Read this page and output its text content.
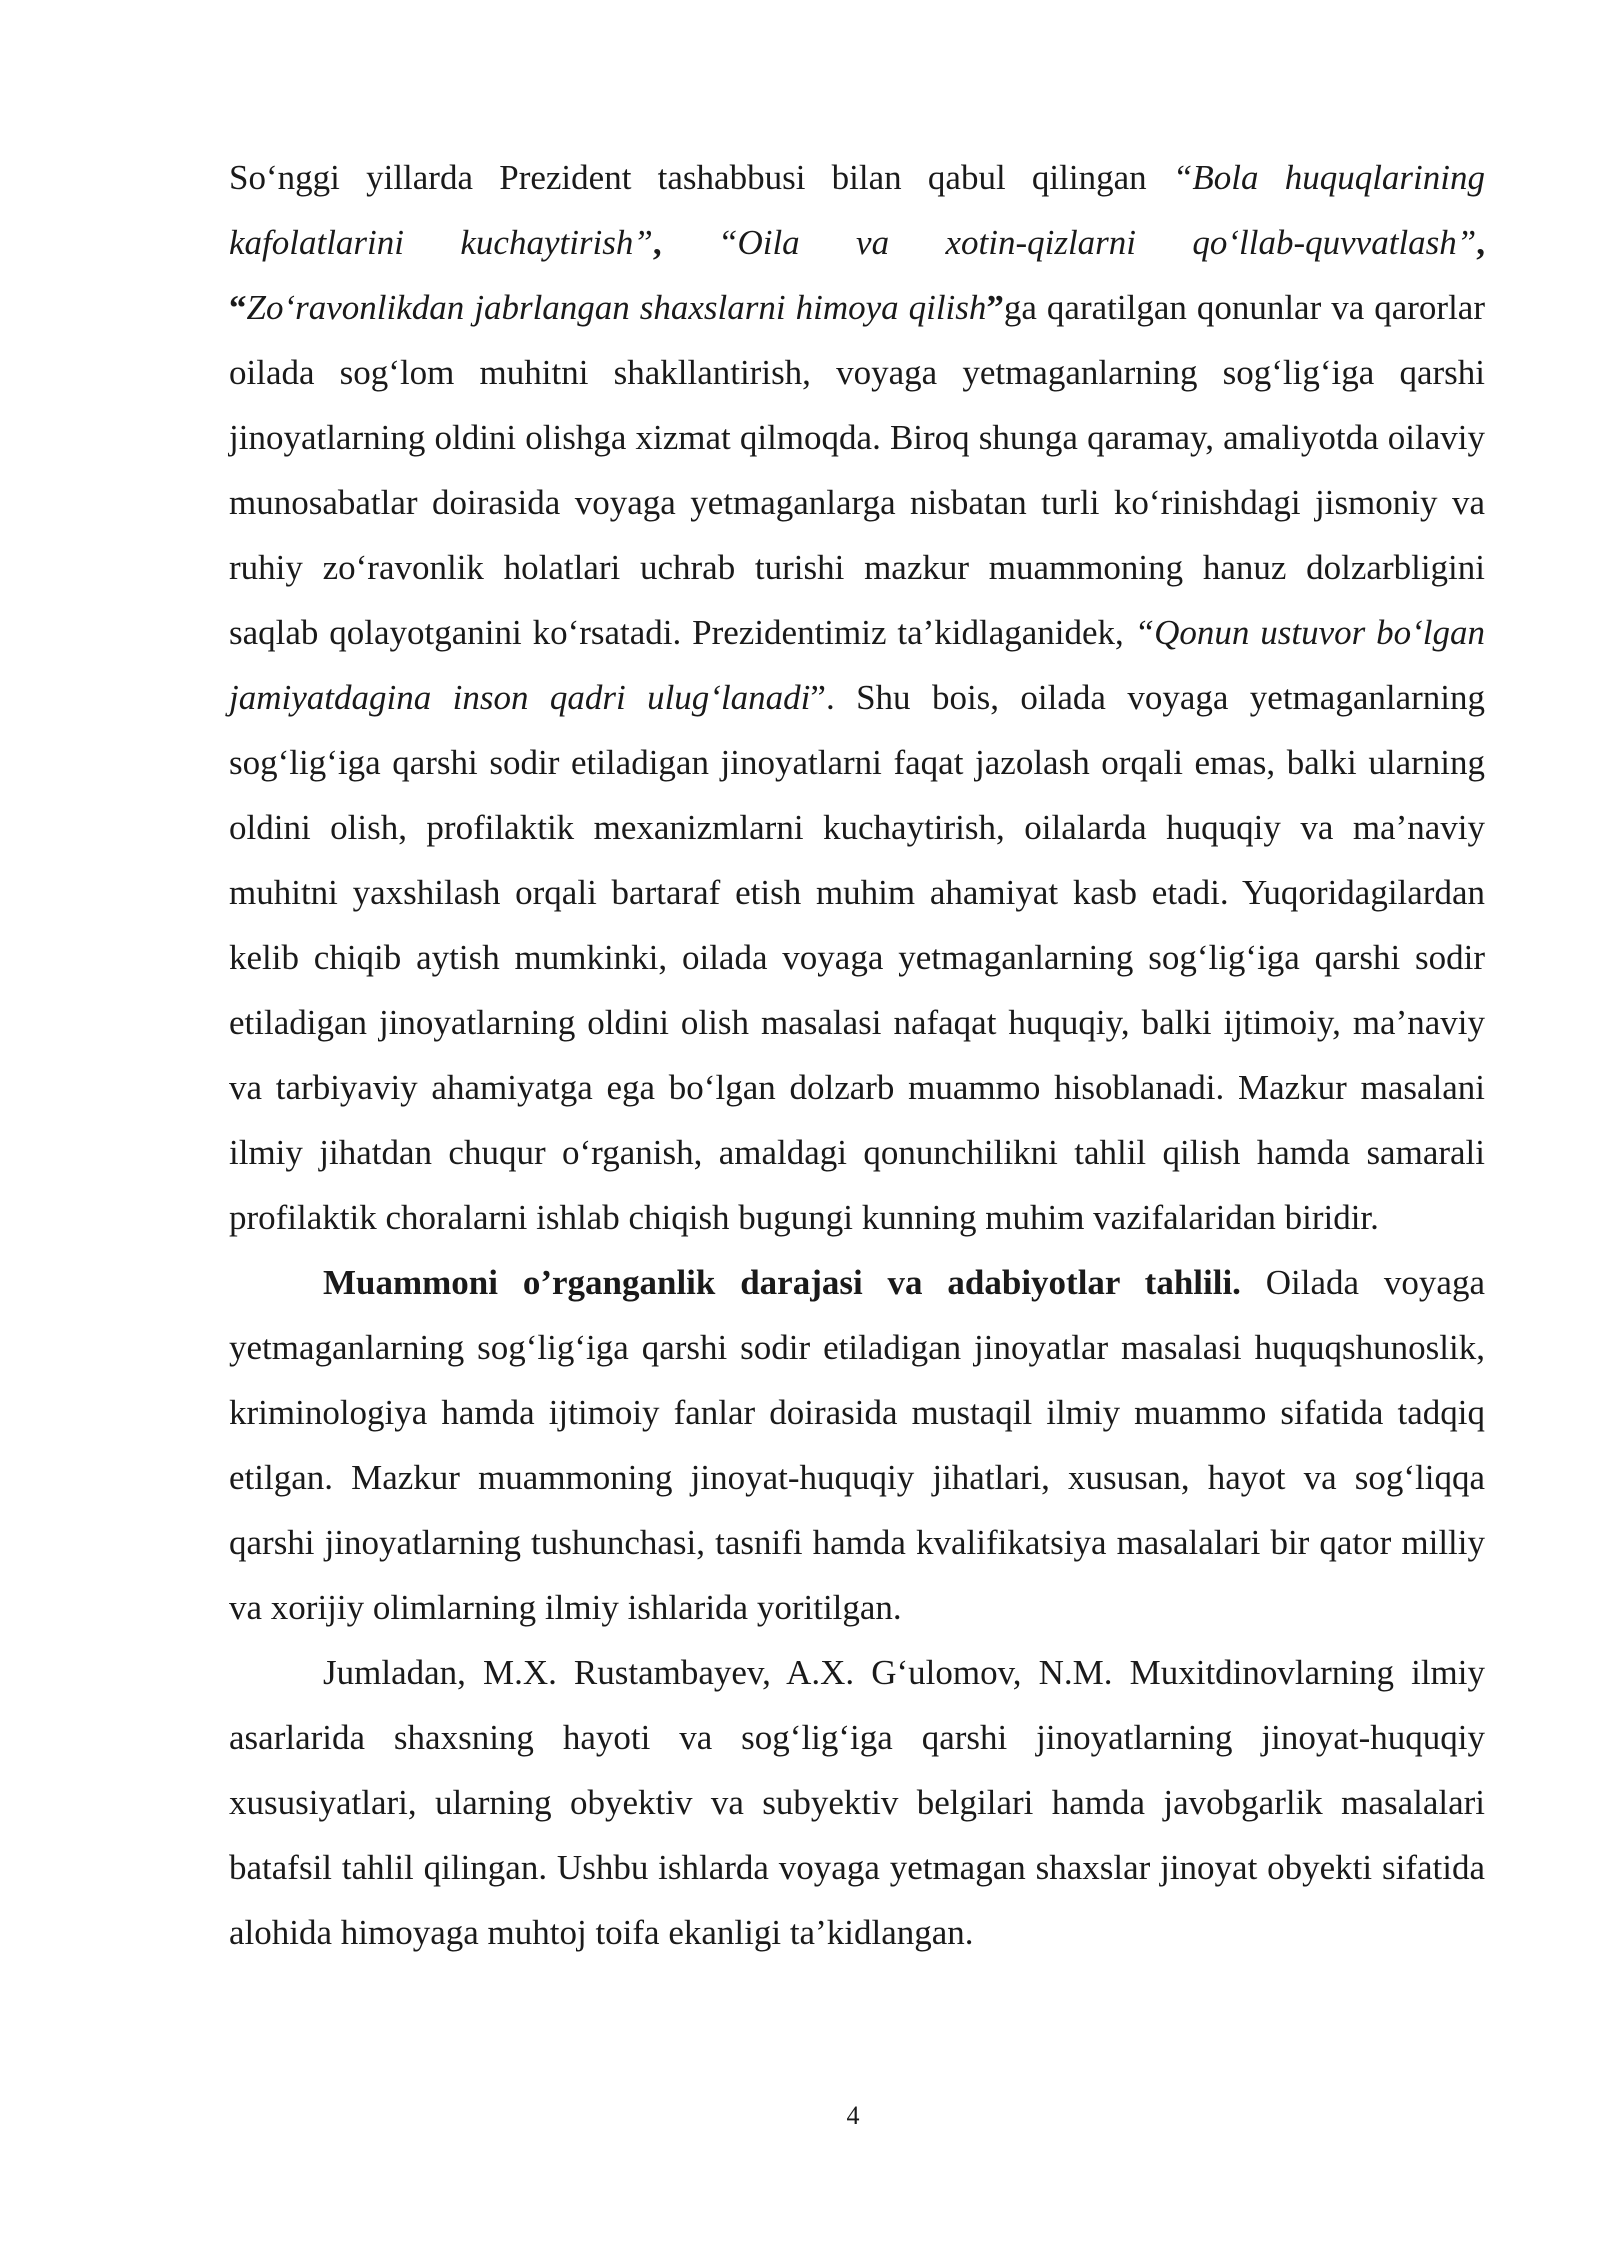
So‘nggi yillarda Prezident tashabbusi bilan qabul qilingan “Bola huquqlarining kafolatlarini kuchaytirish”, “Oila va xotin-qizlarni qo‘llab-quvvatlash”, “Zo‘ravonlikdan jabrlangan shaxslarni himoya qilish”ga qaratilgan qonunlar va qarorlar oilada sog‘lom muhitni shakllantirish, voyaga yetmaganlarning sog‘lig‘iga qarshi jinoyatlarning oldini olishga xizmat qilmoqda. Biroq shunga qaramay, amaliyotda oilaviy munosabatlar doirasida voyaga yetmaganlarga nisbatan turli ko‘rinishdagi jismoniy va ruhiy zo‘ravonlik holatlari uchrab turishi mazkur muammoning hanuz dolzarbligini saqlab qolayotganini ko‘rsatadi. Prezidentimiz ta’kidlaganidek, “Qonun ustuvor bo‘lgan jamiyatdagina inson qadri ulug‘lanadi”. Shu bois, oilada voyaga yetmaganlarning sog‘lig‘iga qarshi sodir etiladigan jinoyatlarni faqat jazolash orqali emas, balki ularning oldini olish, profilaktik mexanizmlarni kuchaytirish, oilalarda huquqiy va ma’naviy muhitni yaxshilash orqali bartaraf etish muhim ahamiyat kasb etadi. Yuqoridagilardan kelib chiqib aytish mumkinki, oilada voyaga yetmaganlarning sog‘lig‘iga qarshi sodir etiladigan jinoyatlarning oldini olish masalasi nafaqat huquqiy, balki ijtimoiy, ma’naviy va tarbiyaviy ahamiyatga ega bo‘lgan dolzarb muammo hisoblanadi. Mazkur masalani ilmiy jihatdan chuqur o‘rganish, amaldagi qonunchilikni tahlil qilish hamda samarali profilaktik choralarni ishlab chiqish bugungi kunning muhim vazifalaridan biridir.

Muammoni o’rganganlik darajasi va adabiyotlar tahlili. Oilada voyaga yetmaganlarning sog‘lig‘iga qarshi sodir etiladigan jinoyatlar masalasi huquqshunoslik, kriminologiya hamda ijtimoiy fanlar doirasida mustaqil ilmiy muammo sifatida tadqiq etilgan. Mazkur muammoning jinoyat-huquqiy jihatlari, xususan, hayot va sog‘liqqa qarshi jinoyatlarning tushunchasi, tasnifi hamda kvalifikatsiya masalalari bir qator milliy va xorijiy olimlarning ilmiy ishlarida yoritilgan.

Jumladan, M.X. Rustambayev, A.X. G‘ulomov, N.M. Muxitdinovlarning ilmiy asarlarida shaxsning hayoti va sog‘lig‘iga qarshi jinoyatlarning jinoyat-huquqiy xususiyatlari, ularning obyektiv va subyektiv belgilari hamda javobgarlik masalalari batafsil tahlil qilingan. Ushbu ishlarda voyaga yetmagan shaxslar jinoyat obyekti sifatida alohida himoyaga muhtoj toifa ekanligi ta’kidlangan.

4
